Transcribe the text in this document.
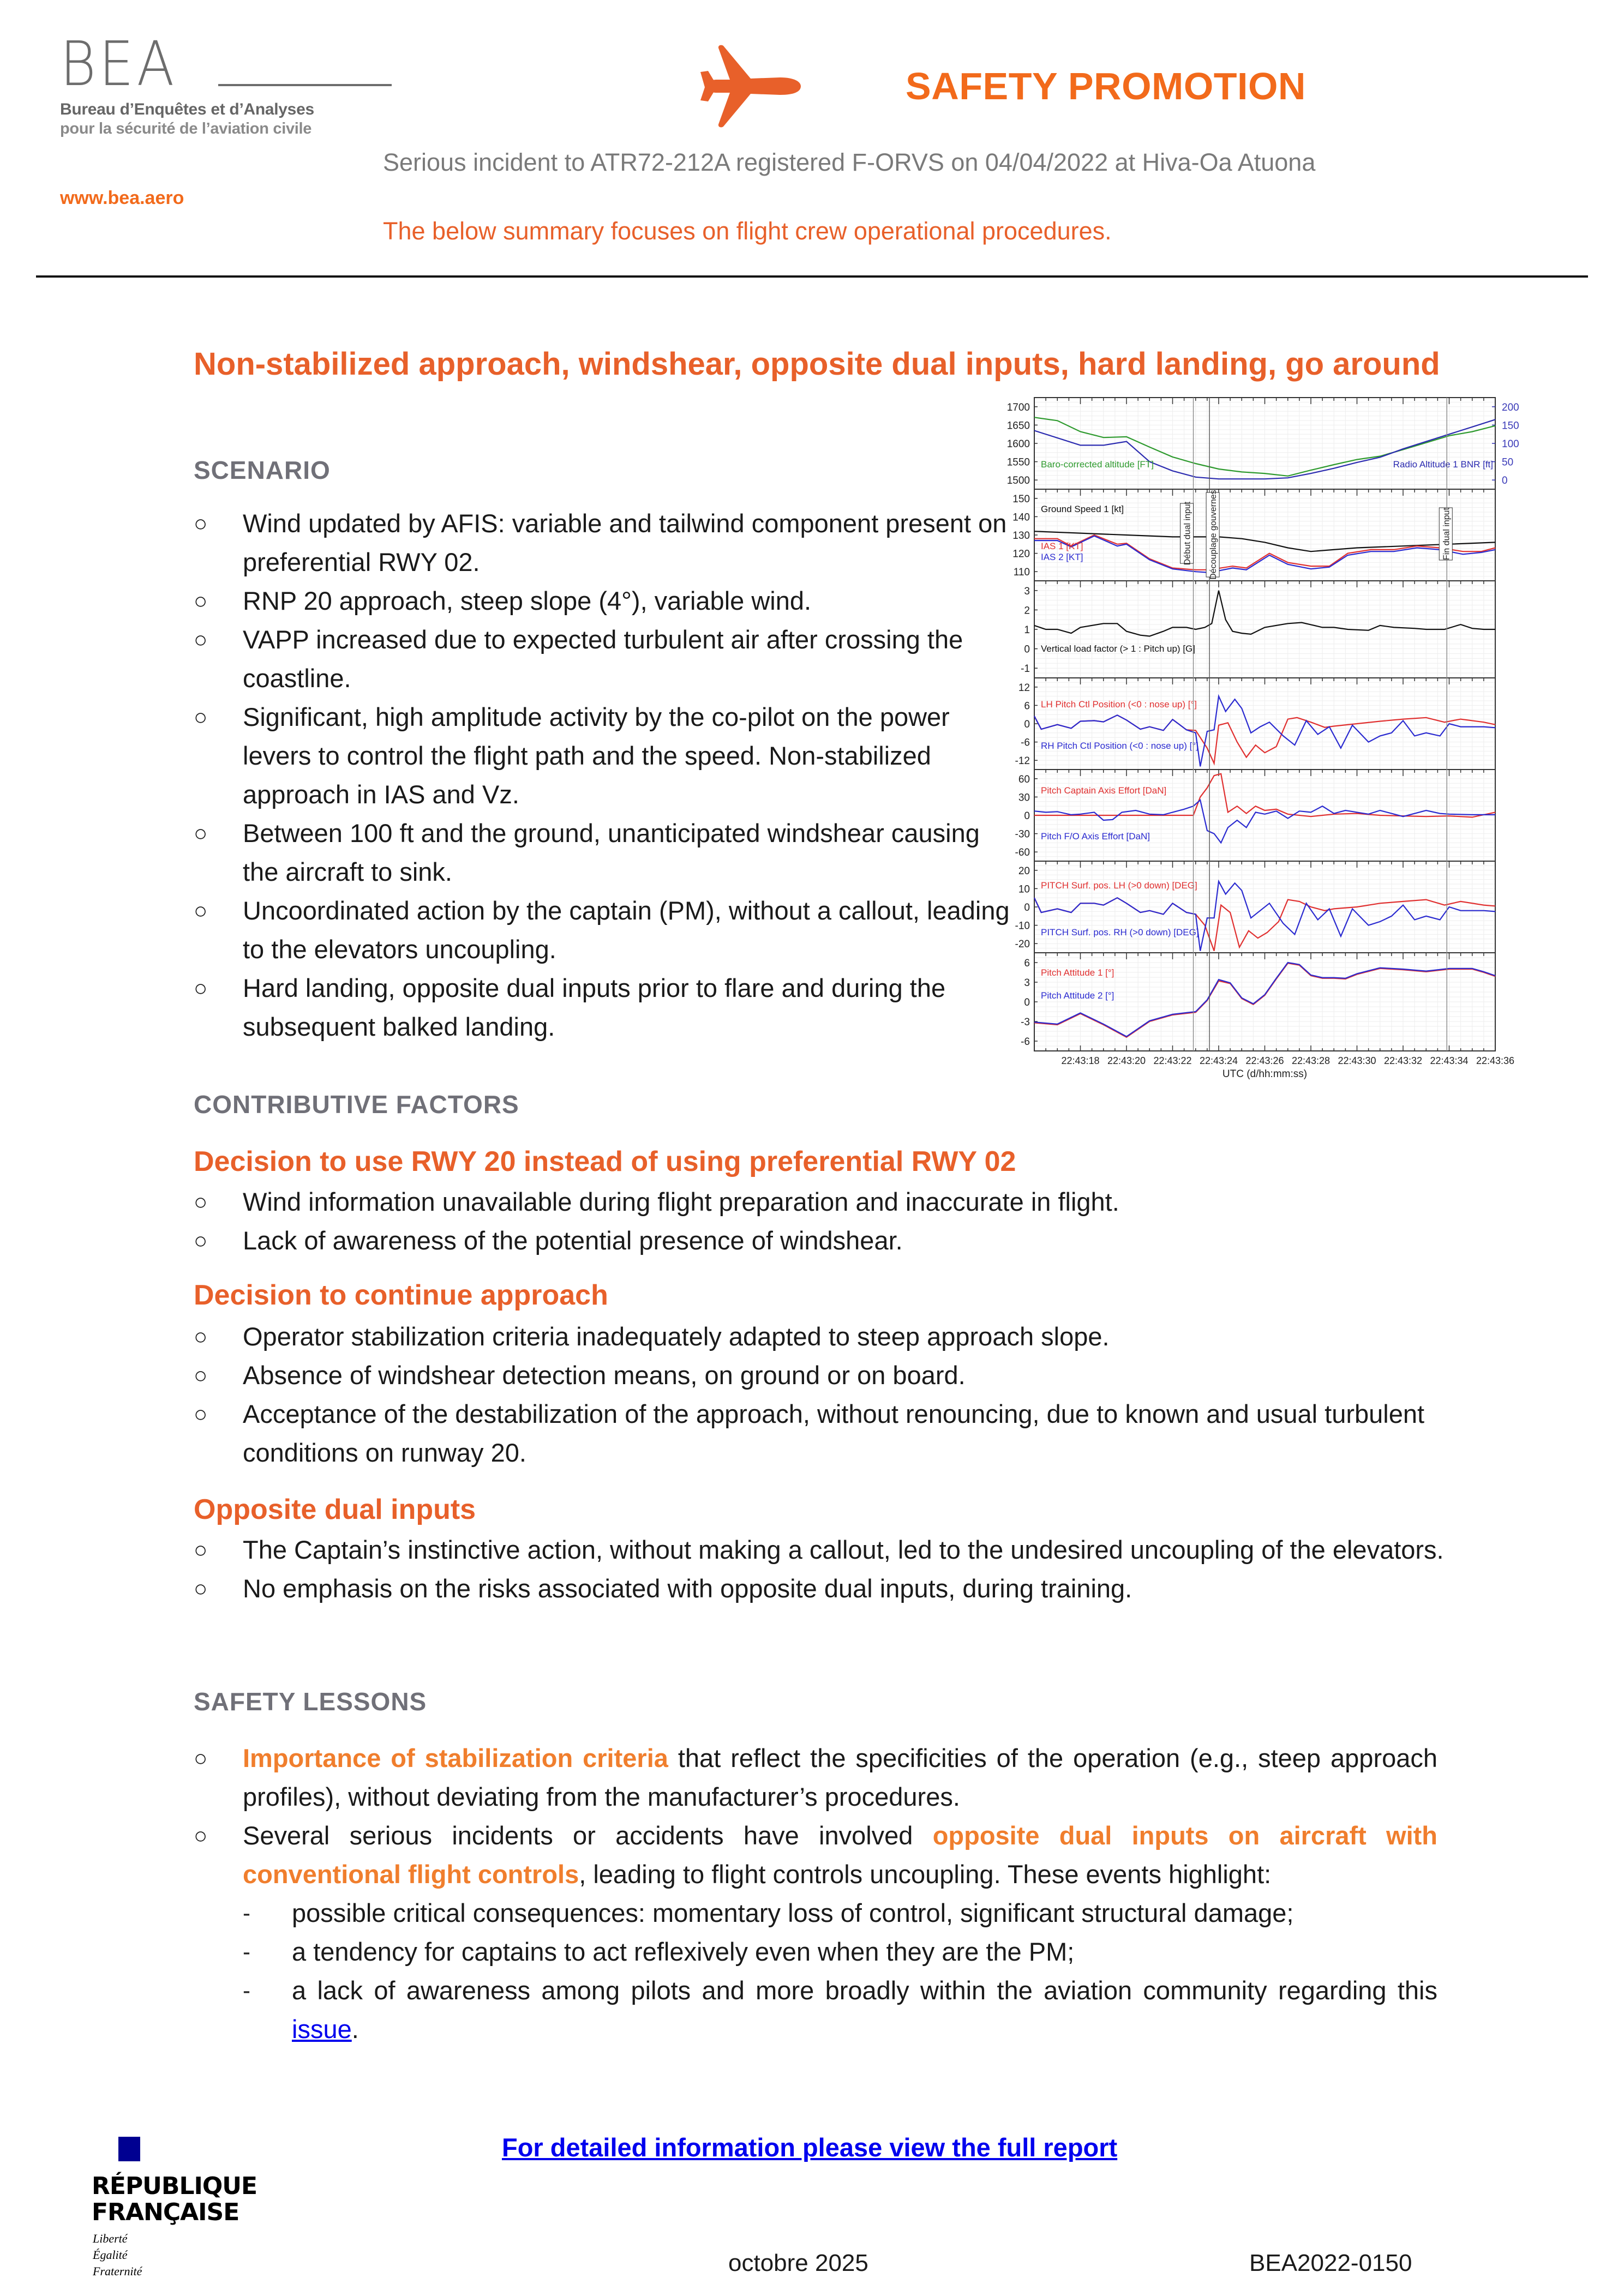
BEA
Bureau d’Enquêtes et d’Analyses
pour la sécurité de l’aviation civile
www.bea.aero
SAFETY PROMOTION
Serious incident to ATR72-212A registered F-ORVS on 04/04/2022 at Hiva-Oa Atuona
The below summary focuses on flight crew operational procedures.
Non-stabilized approach, windshear, opposite dual inputs, hard landing, go around
SCENARIO
○ Wind updated by AFIS: variable and tailwind component present on preferential RWY 02.
○ RNP 20 approach, steep slope (4°), variable wind.
○ VAPP increased due to expected turbulent air after crossing the coastline.
○ Significant, high amplitude activity by the co-pilot on the power levers to control the flight path and the speed. Non-stabilized approach in IAS and Vz.
○ Between 100 ft and the ground, unanticipated windshear causing the aircraft to sink.
○ Uncoordinated action by the captain (PM), without a callout, leading to the elevators uncoupling.
○ Hard landing, opposite dual inputs prior to flare and during the subsequent balked landing.
1500
1550
1600
1650
1700
0
50
100
150
200
110
120
130
140
150
-1
0
1
2
3
-12
-6
0
6
12
-60
-30
0
30
60
-20
-10
0
10
20
-6
-3
0
3
6
Baro-corrected altitude [FT]	Radio Altitude 1 BNR [ft]
Ground Speed 1 [kt]
IAS 1 [KT]
IAS 2 [KT]
Vertical load factor (> 1 : Pitch up) [G]
LH Pitch Ctl Position (<0 : nose up) [°]
RH Pitch Ctl Position (<0 : nose up) [°]
Pitch Captain Axis Effort [DaN]
Pitch F/O Axis Effort [DaN]
PITCH Surf. pos. LH (>0 down) [DEG]
PITCH Surf. pos. RH (>0 down) [DEG]
Pitch Attitude 1 [°]
Pitch Attitude 2 [°]
Début dual input Découplage gouvernes	Fin dual input
22:43:18 22:43:20 22:43:22 22:43:24 22:43:26 22:43:28 22:43:30 22:43:32 22:43:34 22:43:36
UTC (d/hh:mm:ss)
CONTRIBUTIVE FACTORS
Decision to use RWY 20 instead of using preferential RWY 02
○ Wind information unavailable during flight preparation and inaccurate in flight.
○ Lack of awareness of the potential presence of windshear.
Decision to continue approach
○ Operator stabilization criteria inadequately adapted to steep approach slope.
○ Absence of windshear detection means, on ground or on board.
○ Acceptance of the destabilization of the approach, without renouncing, due to known and usual turbulent conditions on runway 20.
Opposite dual inputs
○ The Captain’s instinctive action, without making a callout, led to the undesired uncoupling of the elevators.
○ No emphasis on the risks associated with opposite dual inputs, during training.
SAFETY LESSONS
○ Importance of stabilization criteria that reflect the specificities of the operation (e.g., steep approach profiles), without deviating from the manufacturer’s procedures.
○ Several serious incidents or accidents have involved opposite dual inputs on aircraft with conventional flight controls, leading to flight controls uncoupling. These events highlight:
- possible critical consequences: momentary loss of control, significant structural damage;
- a tendency for captains to act reflexively even when they are the PM;
- a lack of awareness among pilots and more broadly within the aviation community regarding this issue.
For detailed information please view the full report
RÉPUBLIQUE
FRANÇAISE
Liberté
Égalité
Fraternité	octobre 2025	BEA2022-0150
